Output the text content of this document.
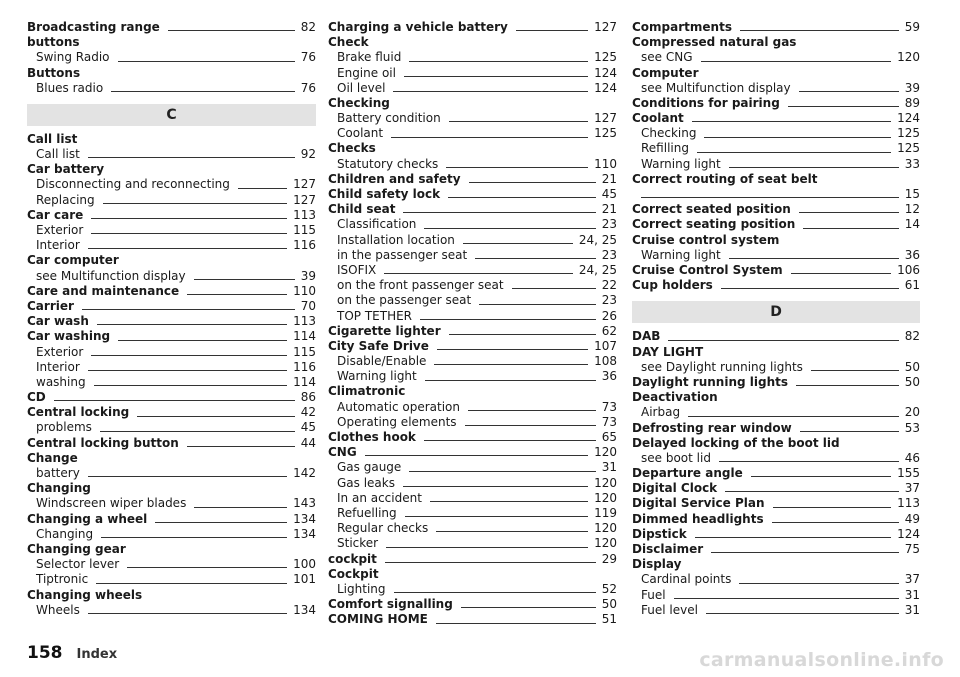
Broadcasting range	82
buttons
Swing Radio	76
Buttons
Blues radio	76
C
Call list
Call list	92
Car battery
Disconnecting and reconnecting	127
Replacing	127
Car care	113
Exterior	115
Interior	116
Car computer
see Multifunction display	39
Care and maintenance	110
Carrier	70
Car wash	113
Car washing	114
Exterior	115
Interior	116
washing	114
CD	86
Central locking	42
problems	45
Central locking button	44
Change
battery	142
Changing
Windscreen wiper blades	143
Changing a wheel	134
Changing	134
Changing gear
Selector lever	100
Tiptronic	101
Changing wheels
Wheels	134
Charging a vehicle battery	127
Check
Brake fluid	125
Engine oil	124
Oil level	124
Checking
Battery condition	127
Coolant	125
Checks
Statutory checks	110
Children and safety	21
Child safety lock	45
Child seat	21
Classification	23
Installation location	24, 25
in the passenger seat	23
ISOFIX	24, 25
on the front passenger seat	22
on the passenger seat	23
TOP TETHER	26
Cigarette lighter	62
City Safe Drive	107
Disable/Enable	108
Warning light	36
Climatronic
Automatic operation	73
Operating elements	73
Clothes hook	65
CNG	120
Gas gauge	31
Gas leaks	120
In an accident	120
Refuelling	119
Regular checks	120
Sticker	120
cockpit	29
Cockpit
Lighting	52
Comfort signalling	50
COMING HOME	51
Compartments	59
Compressed natural gas
see CNG	120
Computer
see Multifunction display	39
Conditions for pairing	89
Coolant	124
Checking	125
Refilling	125
Warning light	33
Correct routing of seat belt
15
Correct seated position	12
Correct seating position	14
Cruise control system
Warning light	36
Cruise Control System	106
Cup holders	61
D
DAB	82
DAY LIGHT
see Daylight running lights	50
Daylight running lights	50
Deactivation
Airbag	20
Defrosting rear window	53
Delayed locking of the boot lid
see boot lid	46
Departure angle	155
Digital Clock	37
Digital Service Plan	113
Dimmed headlights	49
Dipstick	124
Disclaimer	75
Display
Cardinal points	37
Fuel	31
Fuel level	31
158 Index	carmanualsonline.info
